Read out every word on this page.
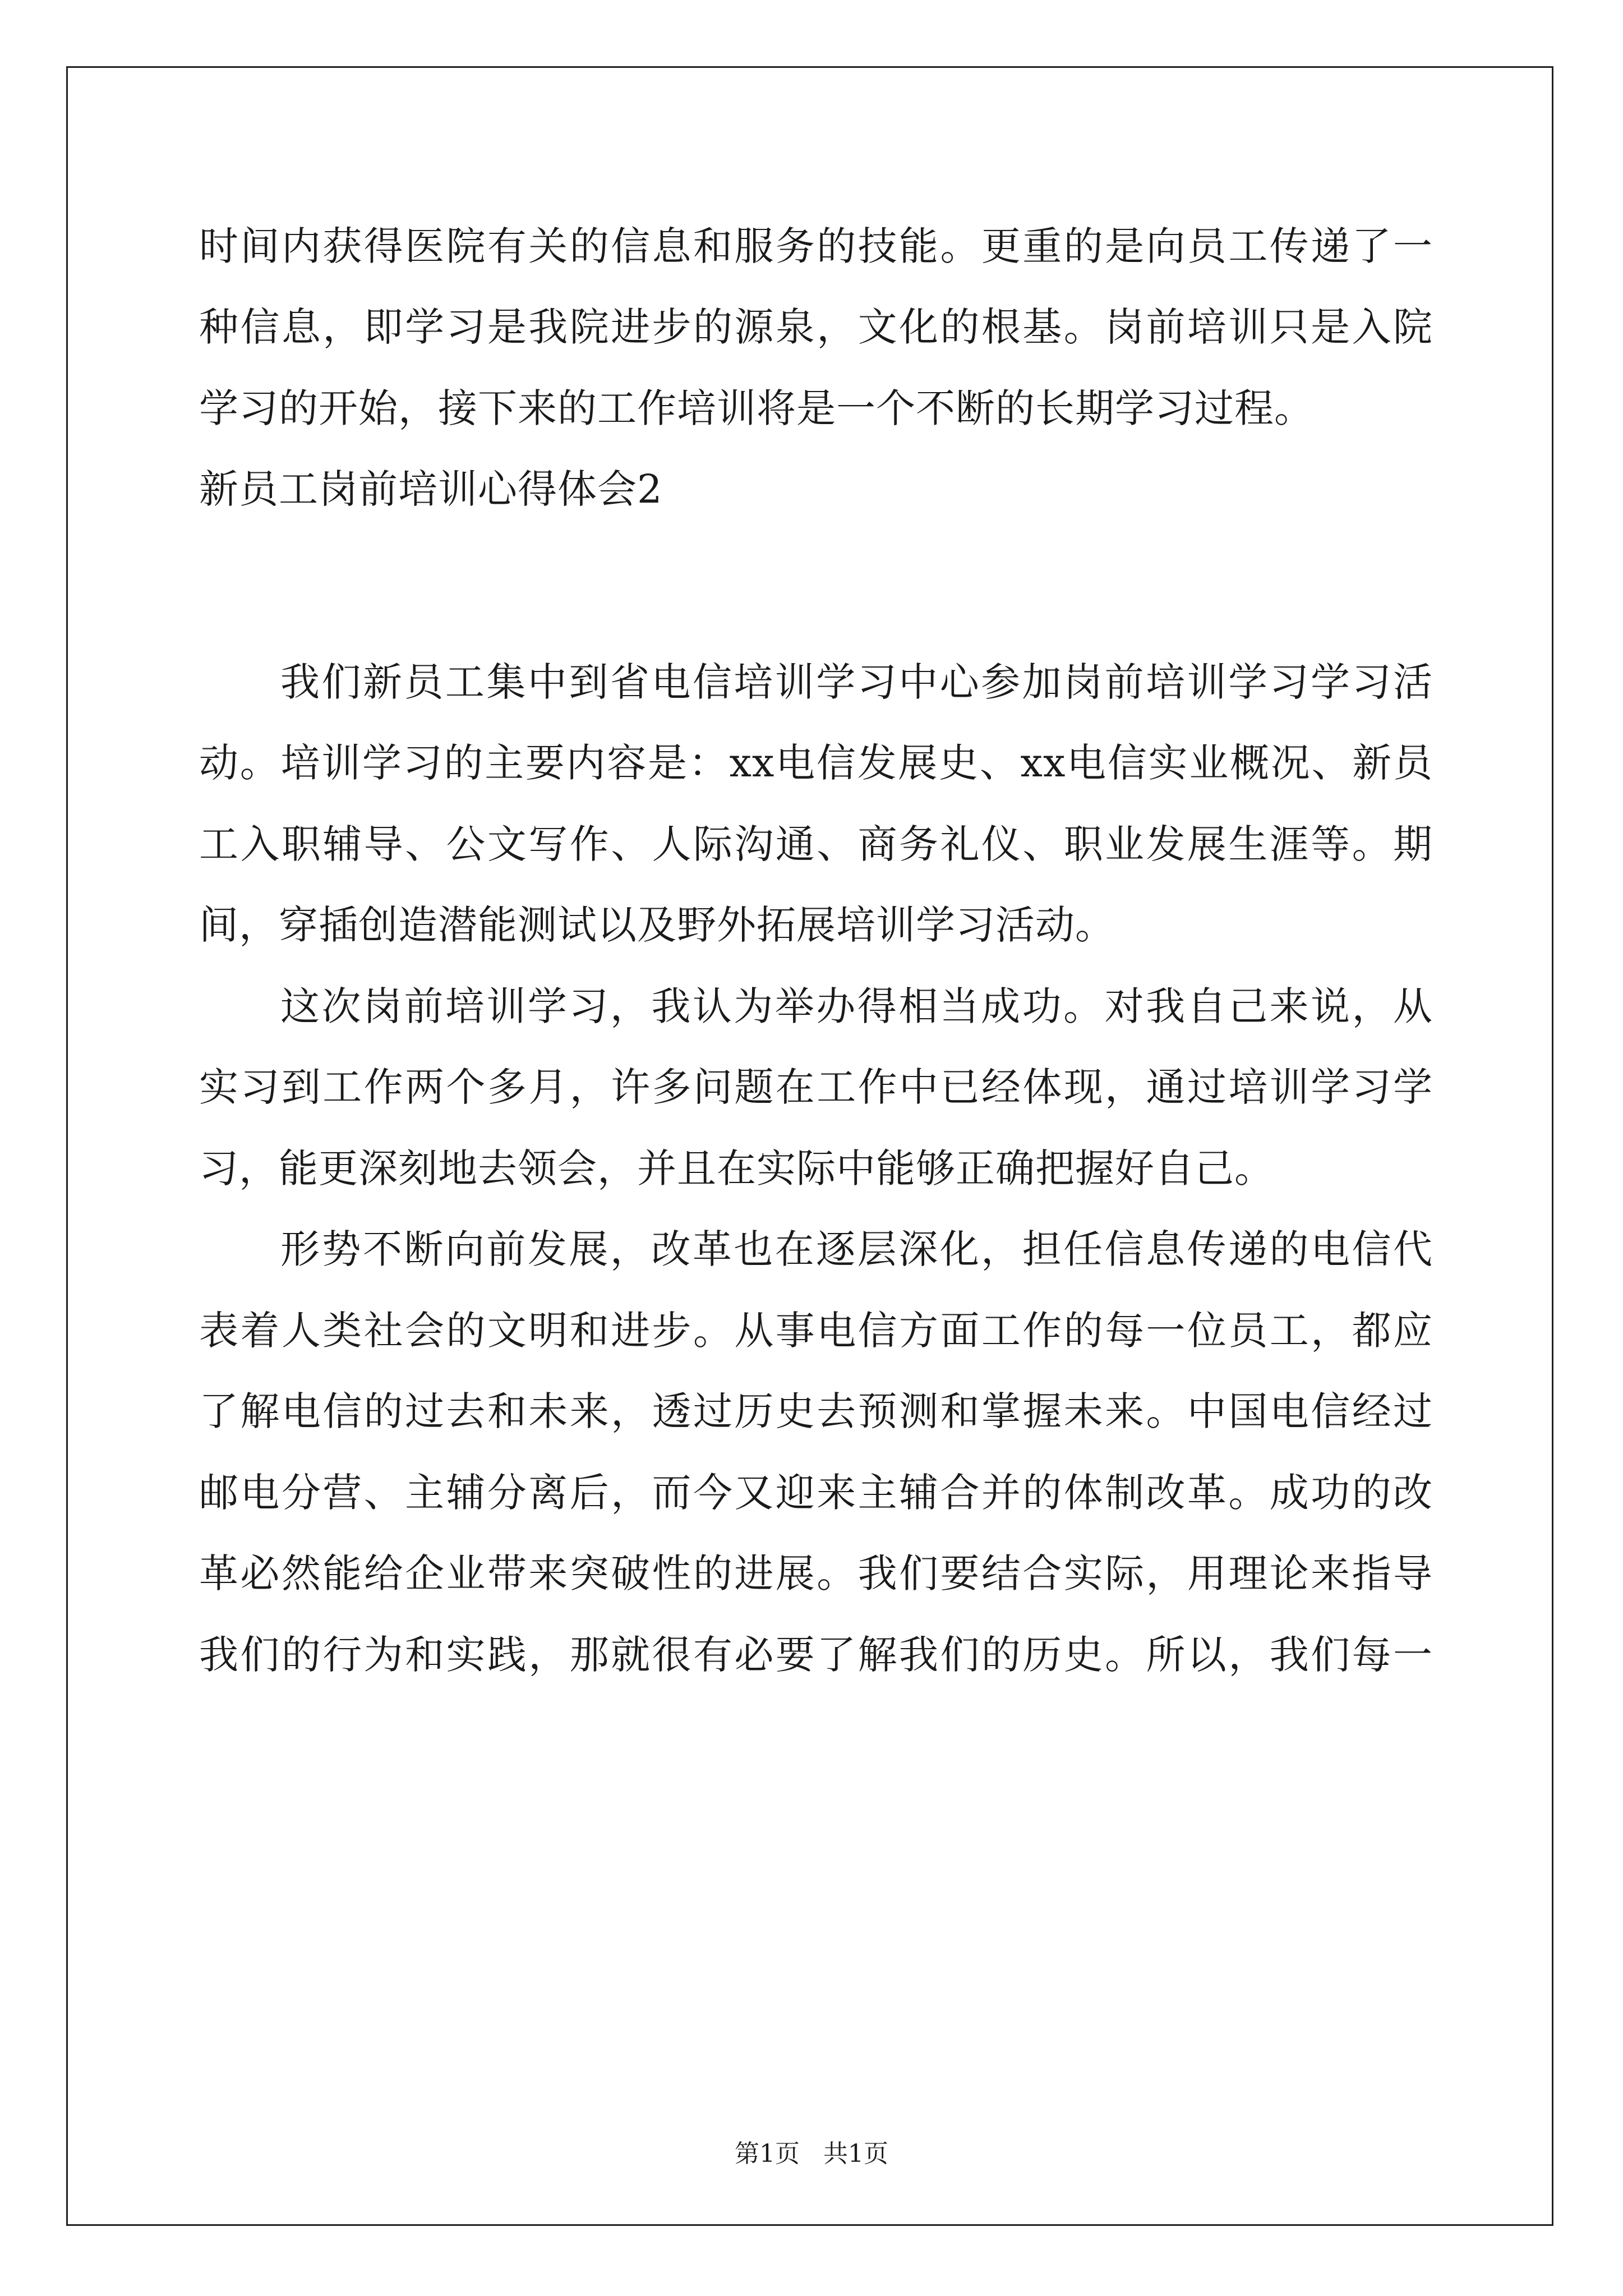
时间内获得医院有关的信息和服务的技能。更重的是向员工传递了一
种信息，即学习是我院进步的源泉，文化的根基。岗前培训只是入院
学习的开始，接下来的工作培训将是一个不断的长期学习过程。
新员工岗前培训心得体会2
我们新员工集中到省电信培训学习中心参加岗前培训学习学习活
动。培训学习的主要内容是：xx电信发展史、xx电信实业概况、新员
工入职辅导、公文写作、人际沟通、商务礼仪、职业发展生涯等。期
间，穿插创造潜能测试以及野外拓展培训学习活动。
这次岗前培训学习，我认为举办得相当成功。对我自己来说，从
实习到工作两个多月，许多问题在工作中已经体现，通过培训学习学
习，能更深刻地去领会，并且在实际中能够正确把握好自己。
形势不断向前发展，改革也在逐层深化，担任信息传递的电信代
表着人类社会的文明和进步。从事电信方面工作的每一位员工，都应
了解电信的过去和未来，透过历史去预测和掌握未来。中国电信经过
邮电分营、主辅分离后，而今又迎来主辅合并的体制改革。成功的改
革必然能给企业带来突破性的进展。我们要结合实际，用理论来指导
我们的行为和实践，那就很有必要了解我们的历史。所以，我们每一
第1页   共1页
